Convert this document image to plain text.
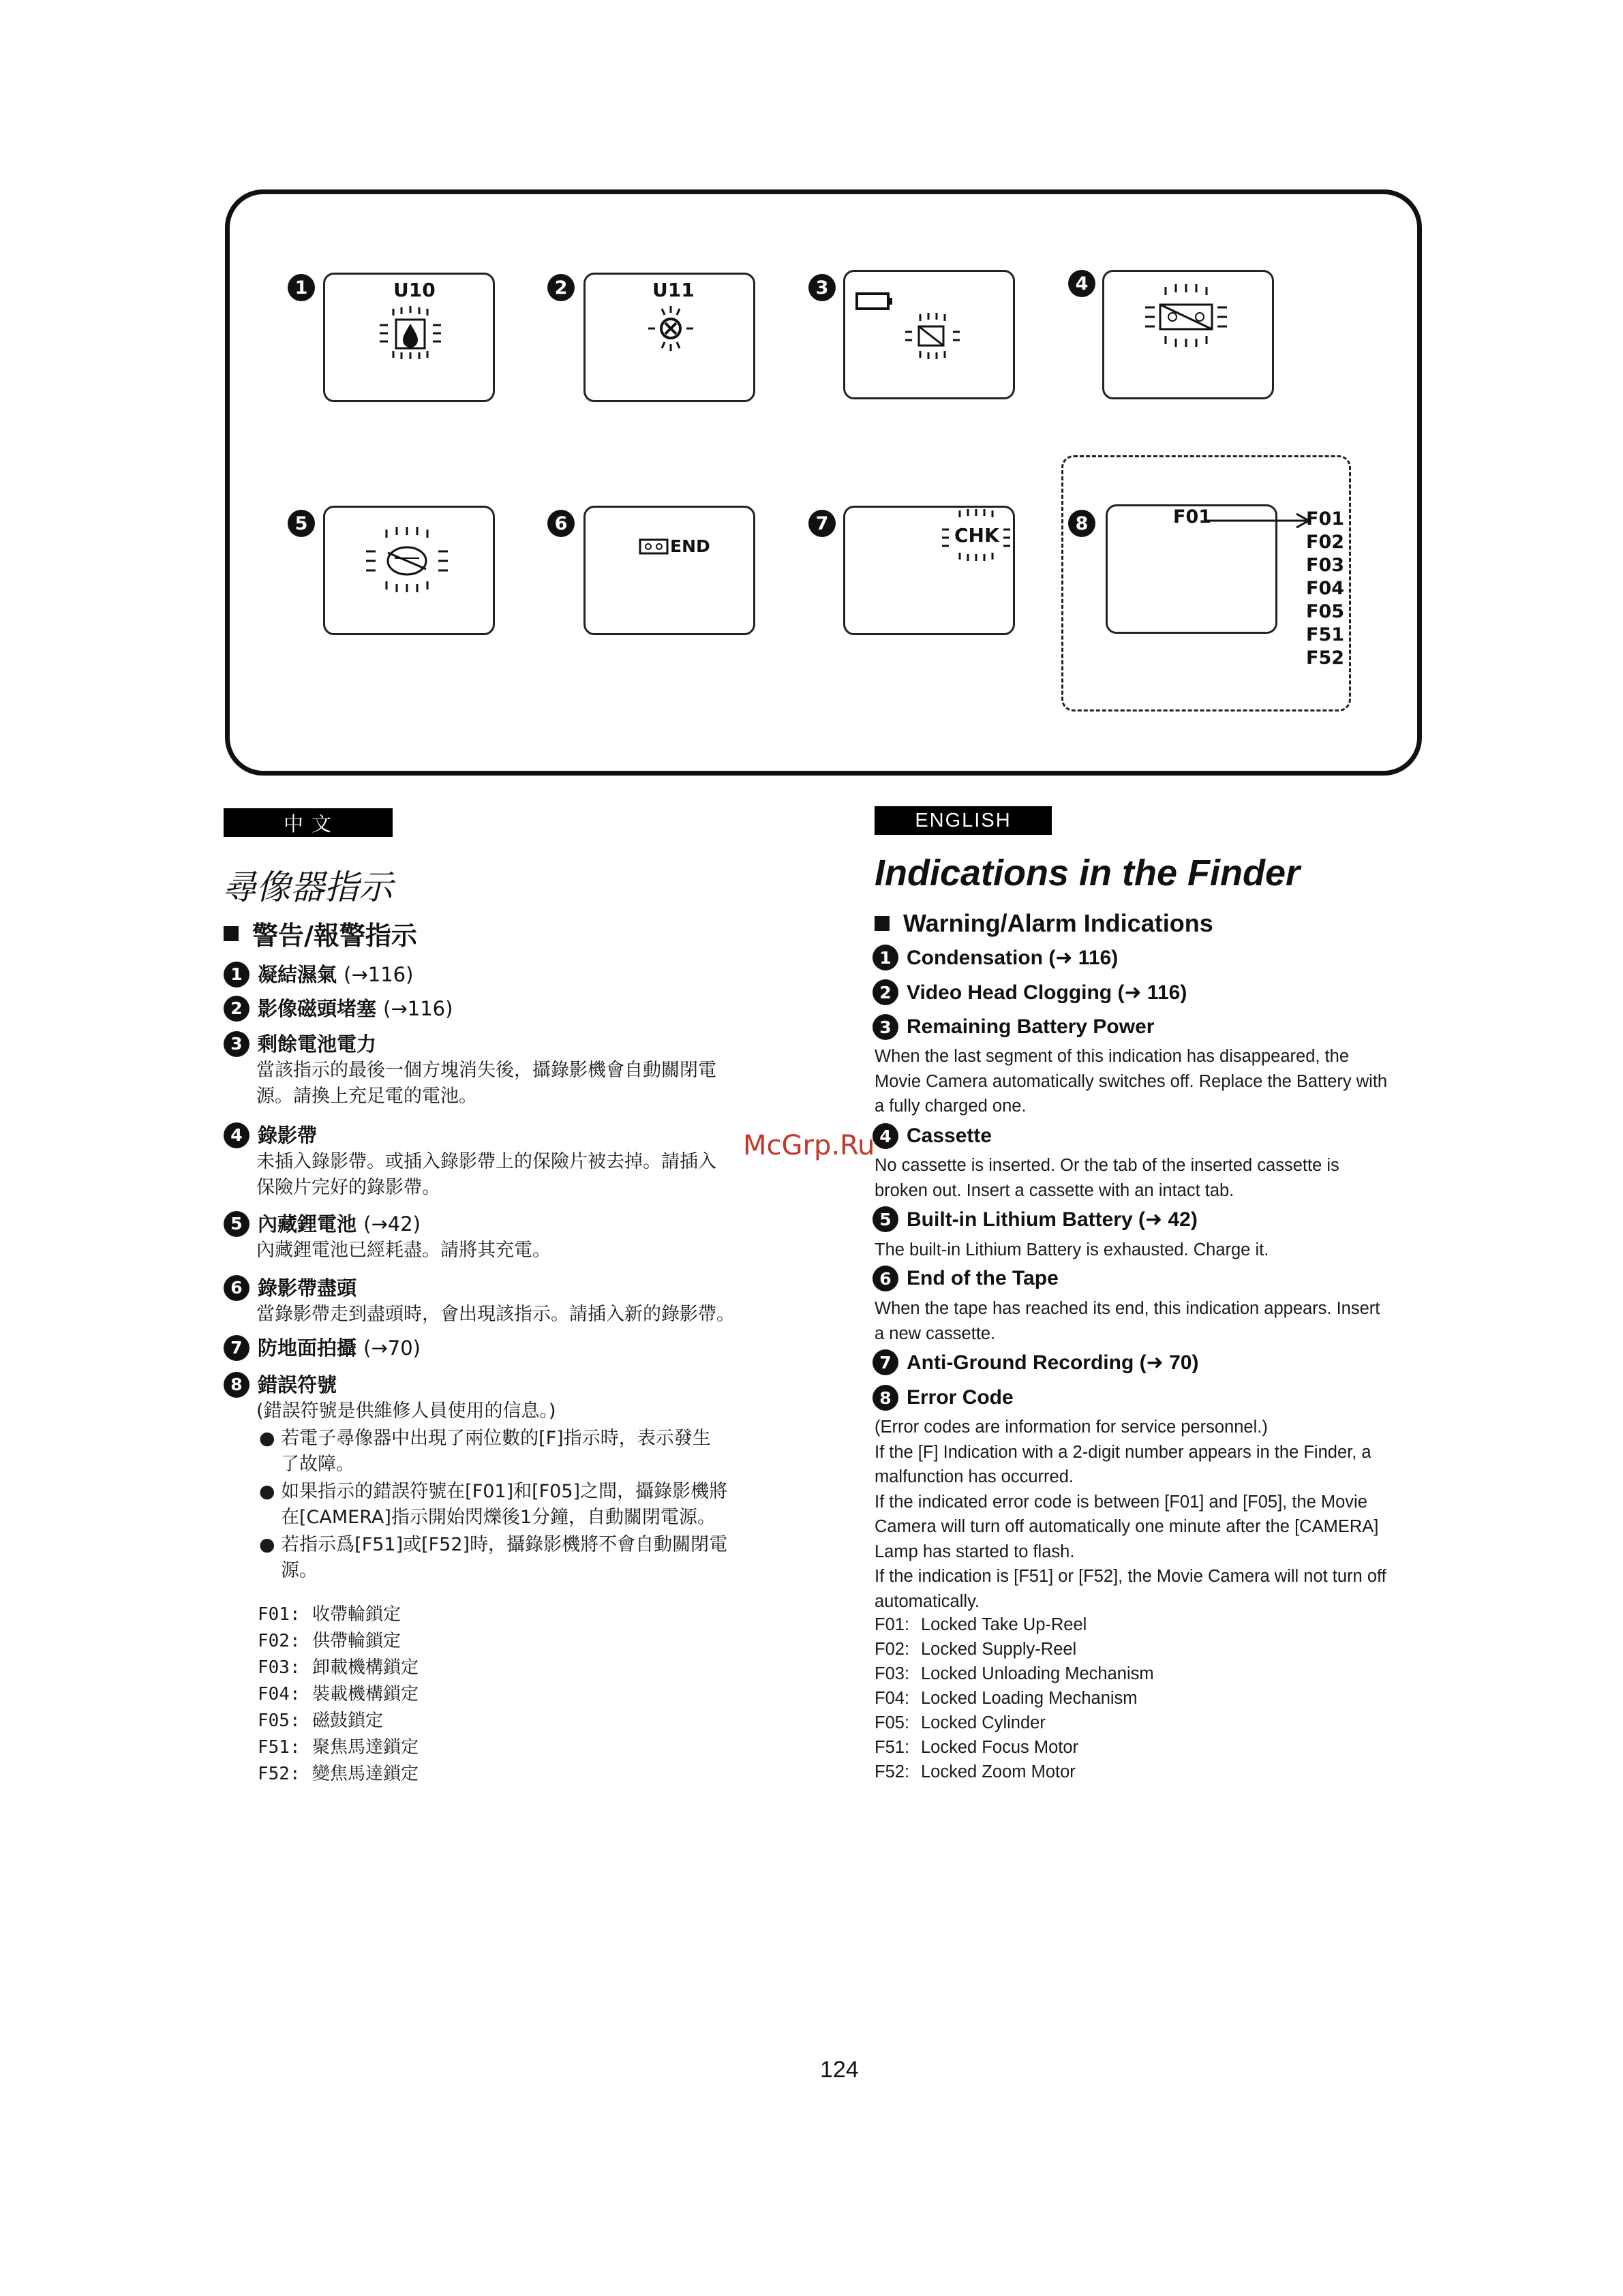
1	U10	2	U11	3	4
5	6
END
7
CHK
8	F01	F01
F02
F03
F04
F05
F51
F52
中 文
尋像器指示
警告/報警指示
1 凝結濕氣
(→116)
2 影像磁頭堵塞
(→116)
3 剩餘電池電力
當該指示的最後一個方塊消失後，攝錄影機會自動關閉電
源。請換上充足電的電池。
4 錄影帶
未插入錄影帶。或插入錄影帶上的保險片被去掉。請插入
保險片完好的錄影帶。
5 內藏鋰電池
(→42)
內藏鋰電池已經耗盡。請將其充電。
6 錄影帶盡頭
當錄影帶走到盡頭時，會出現該指示。請插入新的錄影帶。
7 防地面拍攝
(→70)
8 錯誤符號
(錯誤符號是供維修人員使用的信息。)
● 若電子尋像器中出現了兩位數的[F]指示時，表示發生
了故障。
● 如果指示的錯誤符號在[F01]和[F05]之間，攝錄影機將
在[CAMERA]指示開始閃爍後1分鐘，自動關閉電源。
● 若指示爲[F51]或[F52]時，攝錄影機將不會自動關閉電
源。
F01: 收帶輪鎖定
F02: 供帶輪鎖定
F03: 卸載機構鎖定
F04: 裝載機構鎖定
F05: 磁鼓鎖定
F51: 聚焦馬達鎖定
F52: 變焦馬達鎖定
ENGLISH
Indications in the Finder
Warning/Alarm Indications
1 Condensation (➜ 116)
2 Video Head Clogging (➜ 116)
3 Remaining Battery Power
When the last segment of this indication has disappeared, the
Movie Camera automatically switches off. Replace the Battery with
a fully charged one.
4 Cassette
No cassette is inserted. Or the tab of the inserted cassette is
broken out. Insert a cassette with an intact tab.
5 Built-in Lithium Battery (➜ 42)
The built-in Lithium Battery is exhausted. Charge it.
6 End of the Tape
When the tape has reached its end, this indication appears. Insert
a new cassette.
7 Anti-Ground Recording (➜ 70)
8 Error Code
(Error codes are information for service personnel.)
If the [F] Indication with a 2-digit number appears in the Finder, a
malfunction has occurred.
If the indicated error code is between [F01] and [F05], the Movie
Camera will turn off automatically one minute after the [CAMERA]
Lamp has started to flash.
If the indication is [F51] or [F52], the Movie Camera will not turn off
automatically.
F01: Locked Take Up-Reel
F02: Locked Supply-Reel
F03: Locked Unloading Mechanism
F04: Locked Loading Mechanism
F05: Locked Cylinder
F51: Locked Focus Motor
F52: Locked Zoom Motor
McGrp.Ru
124
